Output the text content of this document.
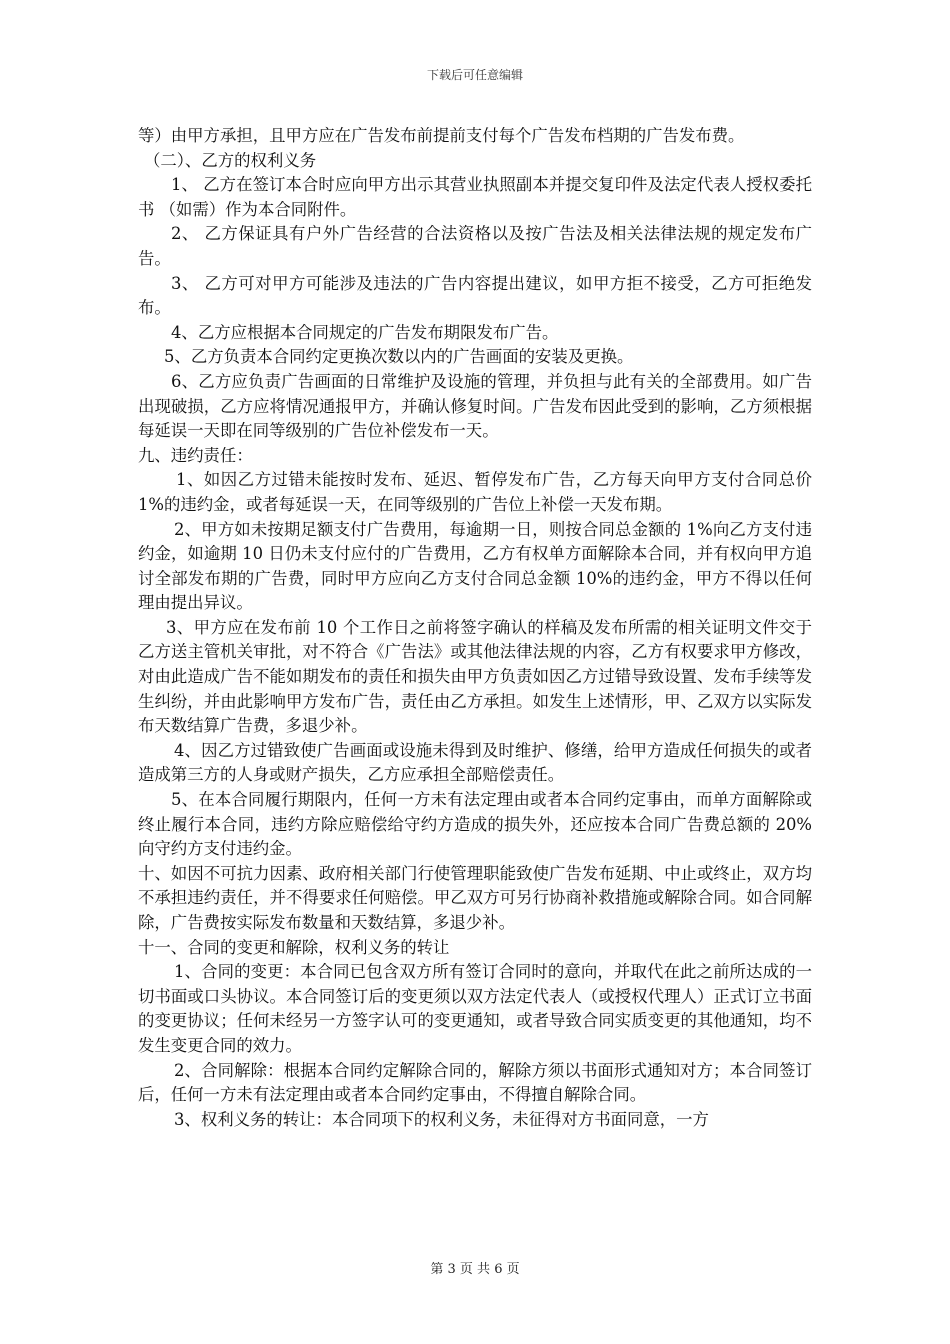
下载后可任意编辑

等）由甲方承担，且甲方应在广告发布前提前支付每个广告发布档期的广告发布费。

（二）、乙方的权利义务

1、 乙方在签订本合时应向甲方出示其营业执照副本并提交复印件及法定代表人授权委托书 （如需）作为本合同附件。

2、 乙方保证具有户外广告经营的合法资格以及按广告法及相关法律法规的规定发布广告。

3、 乙方可对甲方可能涉及违法的广告内容提出建议，如甲方拒不接受，乙方可拒绝发布。

4、乙方应根据本合同规定的广告发布期限发布广告。

5、乙方负责本合同约定更换次数以内的广告画面的安装及更换。

6、乙方应负责广告画面的日常维护及设施的管理，并负担与此有关的全部费用。如广告出现破损，乙方应将情况通报甲方，并确认修复时间。广告发布因此受到的影响，乙方须根据每延误一天即在同等级别的广告位补偿发布一天。

九、违约责任：

1、如因乙方过错未能按时发布、延迟、暂停发布广告，乙方每天向甲方支付合同总价 1%的违约金，或者每延误一天，在同等级别的广告位上补偿一天发布期。

2、甲方如未按期足额支付广告费用，每逾期一日，则按合同总金额的 1%向乙方支付违约金，如逾期 10 日仍未支付应付的广告费用，乙方有权单方面解除本合同，并有权向甲方追讨全部发布期的广告费，同时甲方应向乙方支付合同总金额 10%的违约金，甲方不得以任何理由提出异议。

3、甲方应在发布前 10 个工作日之前将签字确认的样稿及发布所需的相关证明文件交于乙方送主管机关审批，对不符合《广告法》或其他法律法规的内容，乙方有权要求甲方修改，对由此造成广告不能如期发布的责任和损失由甲方负责如因乙方过错导致设置、发布手续等发生纠纷，并由此影响甲方发布广告，责任由乙方承担。如发生上述情形，甲、乙双方以实际发布天数结算广告费，多退少补。

4、因乙方过错致使广告画面或设施未得到及时维护、修缮，给甲方造成任何损失的或者造成第三方的人身或财产损失，乙方应承担全部赔偿责任。

5、在本合同履行期限内，任何一方未有法定理由或者本合同约定事由，而单方面解除或终止履行本合同，违约方除应赔偿给守约方造成的损失外，还应按本合同广告费总额的 20%向守约方支付违约金。

十、如因不可抗力因素、政府相关部门行使管理职能致使广告发布延期、中止或终止，双方均不承担违约责任，并不得要求任何赔偿。甲乙双方可另行协商补救措施或解除合同。如合同解除，广告费按实际发布数量和天数结算，多退少补。

十一、合同的变更和解除，权利义务的转让

1、合同的变更：本合同已包含双方所有签订合同时的意向，并取代在此之前所达成的一切书面或口头协议。本合同签订后的变更须以双方法定代表人（或授权代理人）正式订立书面的变更协议；任何未经另一方签字认可的变更通知，或者导致合同实质变更的其他通知，均不发生变更合同的效力。

2、合同解除：根据本合同约定解除合同的，解除方须以书面形式通知对方；本合同签订后，任何一方未有法定理由或者本合同约定事由，不得擅自解除合同。

3、权利义务的转让：本合同项下的权利义务，未征得对方书面同意，一方

第 3 页 共 6 页
